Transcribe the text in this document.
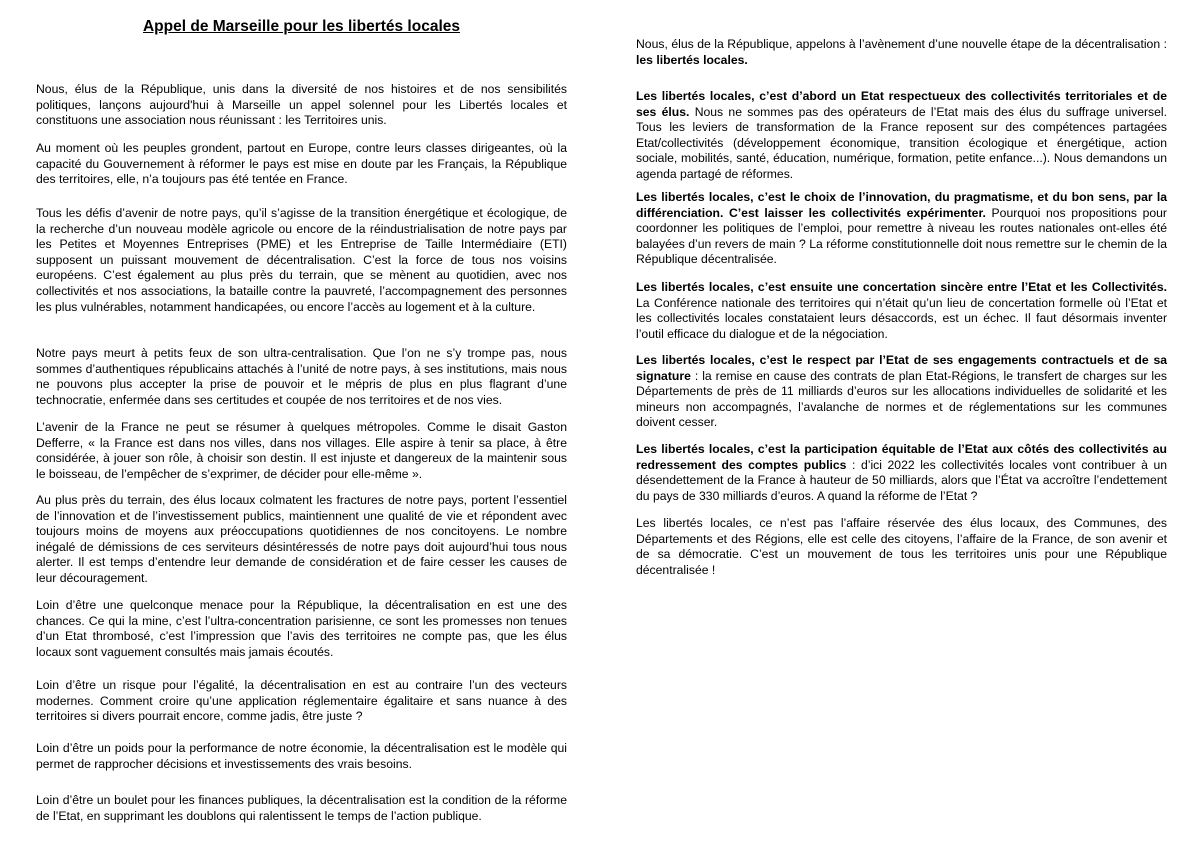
Appel de Marseille pour les libertés locales

Nous, élus de la République, unis dans la diversité de nos histoires et de nos sensibilités politiques, lançons aujourd'hui à Marseille un appel solennel pour les Libertés locales et constituons une association nous réunissant : les Territoires unis.

Au moment où les peuples grondent, partout en Europe, contre leurs classes dirigeantes, où la capacité du Gouvernement à réformer le pays est mise en doute par les Français, la République des territoires, elle, n’a toujours pas été tentée en France.

Tous les défis d’avenir de notre pays, qu’il s’agisse de la transition énergétique et écologique, de la recherche d’un nouveau modèle agricole ou encore de la réindustrialisation de notre pays par les Petites et Moyennes Entreprises (PME) et les Entreprise de Taille Intermédiaire (ETI) supposent un puissant mouvement de décentralisation. C’est la force de tous nos voisins européens. C’est également au plus près du terrain, que se mènent au quotidien, avec nos collectivités et nos associations, la bataille contre la pauvreté, l’accompagnement des personnes les plus vulnérables, notamment handicapées, ou encore l’accès au logement et à la culture.

Notre pays meurt à petits feux de son ultra-centralisation. Que l’on ne s’y trompe pas, nous sommes d’authentiques républicains attachés à l’unité de notre pays, à ses institutions, mais nous ne pouvons plus accepter la prise de pouvoir et le mépris de plus en plus flagrant d’une technocratie, enfermée dans ses certitudes et coupée de nos territoires et de nos vies.

L’avenir de la France ne peut se résumer à quelques métropoles. Comme le disait Gaston Defferre, « la France est dans nos villes, dans nos villages. Elle aspire à tenir sa place, à être considérée, à jouer son rôle, à choisir son destin. Il est injuste et dangereux de la maintenir sous le boisseau, de l’empêcher de s’exprimer, de décider pour elle-même ».

Au plus près du terrain, des élus locaux colmatent les fractures de notre pays, portent l’essentiel de l’innovation et de l’investissement publics, maintiennent une qualité de vie et répondent avec toujours moins de moyens aux préoccupations quotidiennes de nos concitoyens. Le nombre inégalé de démissions de ces serviteurs désintéressés de notre pays doit aujourd’hui tous nous alerter. Il est temps d’entendre leur demande de considération et de faire cesser les causes de leur découragement.

Loin d’être une quelconque menace pour la République, la décentralisation en est une des chances. Ce qui la mine, c’est l’ultra-concentration parisienne, ce sont les promesses non tenues d’un Etat thrombosé, c’est l’impression que l’avis des territoires ne compte pas, que les élus locaux sont vaguement consultés mais jamais écoutés.

Loin d’être un risque pour l’égalité, la décentralisation en est au contraire l’un des vecteurs modernes. Comment croire qu’une application réglementaire égalitaire et sans nuance à des territoires si divers pourrait encore, comme jadis, être juste ?

Loin d’être un poids pour la performance de notre économie, la décentralisation est le modèle qui permet de rapprocher décisions et investissements des vrais besoins.

Loin d’être un boulet pour les finances publiques, la décentralisation est la condition de la réforme de l’Etat, en supprimant les doublons qui ralentissent le temps de l’action publique.

Nous, élus de la République, appelons à l’avènement d’une nouvelle étape de la décentralisation : les libertés locales.

Les libertés locales, c’est d’abord un Etat respectueux des collectivités territoriales et de ses élus. Nous ne sommes pas des opérateurs de l’Etat mais des élus du suffrage universel. Tous les leviers de transformation de la France reposent sur des compétences partagées Etat/collectivités (développement économique, transition écologique et énergétique, action sociale, mobilités, santé, éducation, numérique, formation, petite enfance...). Nous demandons un agenda partagé de réformes.

Les libertés locales, c’est le choix de l’innovation, du pragmatisme, et du bon sens, par la différenciation. C’est laisser les collectivités expérimenter. Pourquoi nos propositions pour coordonner les politiques de l’emploi, pour remettre à niveau les routes nationales ont-elles été balayées d’un revers de main ? La réforme constitutionnelle doit nous remettre sur le chemin de la République décentralisée.

Les libertés locales, c’est ensuite une concertation sincère entre l’Etat et les Collectivités. La Conférence nationale des territoires qui n’était qu’un lieu de concertation formelle où l’Etat et les collectivités locales constataient leurs désaccords, est un échec. Il faut désormais inventer l’outil efficace du dialogue et de la négociation.

Les libertés locales, c’est le respect par l’Etat de ses engagements contractuels et de sa signature : la remise en cause des contrats de plan Etat-Régions, le transfert de charges sur les Départements de près de 11 milliards d’euros sur les allocations individuelles de solidarité et les mineurs non accompagnés, l’avalanche de normes et de réglementations sur les communes doivent cesser.

Les libertés locales, c’est la participation équitable de l’Etat aux côtés des collectivités au redressement des comptes publics : d’ici 2022 les collectivités locales vont contribuer à un désendettement de la France à hauteur de 50 milliards, alors que l’État va accroître l’endettement du pays de 330 milliards d’euros. A quand la réforme de l’Etat ?

Les libertés locales, ce n’est pas l’affaire réservée des élus locaux, des Communes, des Départements et des Régions, elle est celle des citoyens, l’affaire de la France, de son avenir et de sa démocratie. C’est un mouvement de tous les territoires unis pour une République décentralisée !
